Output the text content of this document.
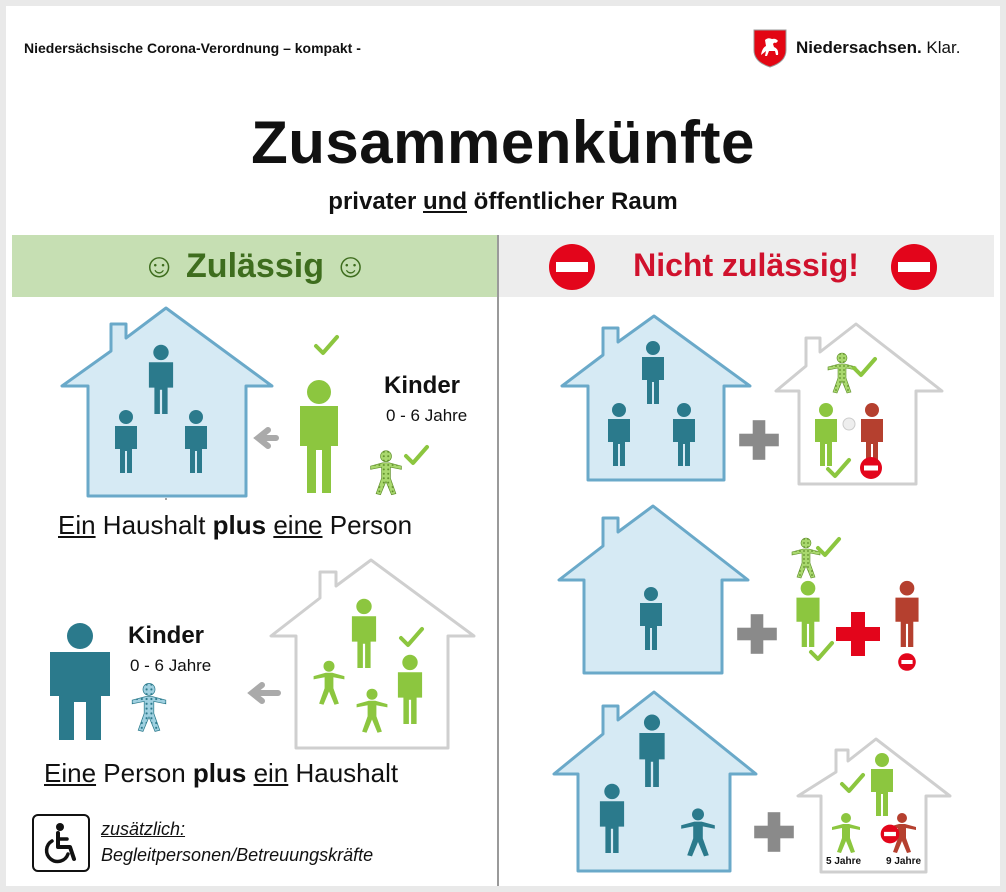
Niedersächsische Corona-Verordnung – kompakt -	Niedersachsen. Klar.
Zusammenkünfte
privater und öffentlicher Raum
☺ Zulässig ☺	Nicht zulässig!
Kinder
0 - 6 Jahre
Ein Haushalt plus eine Person
Kinder
0 - 6 Jahre
Eine Person plus ein Haushalt
zusätzlich:
Begleitpersonen/Betreuungskräfte	5 Jahre 9 Jahre
